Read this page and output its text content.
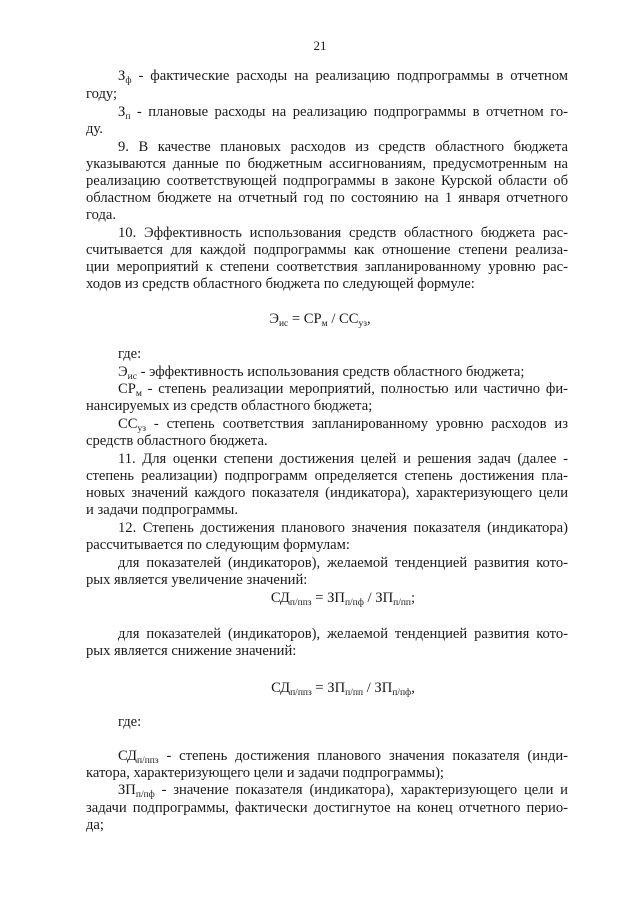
21
$З_ф$ - фактические расходы на реализацию подпрограммы в отчетном
году;
$З_п$ - плановые расходы на реализацию подпрограммы в отчетном го-
ду.
9. В качестве плановых расходов из средств областного бюджета
указываются данные по бюджетным ассигнованиям, предусмотренным на
реализацию соответствующей подпрограммы в законе Курской области об
областном бюджете на отчетный год по состоянию на 1 января отчетного
года.
10. Эффективность использования средств областного бюджета рас-
считывается для каждой подпрограммы как отношение степени реализа-
ции мероприятий к степени соответствия запланированному уровню рас-
ходов из средств областного бюджета по следующей формуле:
$Э_{ис} = СР_м / СС_{уз}$,
где:
$Э_{ис}$ - эффективность использования средств областного бюджета;
$СР_м$ - степень реализации мероприятий, полностью или частично фи-
нансируемых из средств областного бюджета;
$СС_{уз}$ - степень соответствия запланированному уровню расходов из
средств областного бюджета.
11. Для оценки степени достижения целей и решения задач (далее -
степень реализации) подпрограмм определяется степень достижения пла-
новых значений каждого показателя (индикатора), характеризующего цели
и задачи подпрограммы.
12. Степень достижения планового значения показателя (индикатора)
рассчитывается по следующим формулам:
для показателей (индикаторов), желаемой тенденцией развития кото-
рых является увеличение значений:
$СД_{п/ппз} = ЗП_{п/пф} / ЗП_{п/пп}$;
для показателей (индикаторов), желаемой тенденцией развития кото-
рых является снижение значений:
$СД_{п/ппз} = ЗП_{п/пп} / ЗП_{п/пф}$,
где:
$СД_{п/ппз}$ - степень достижения планового значения показателя (инди-
катора, характеризующего цели и задачи подпрограммы);
$ЗП_{п/пф}$ - значение показателя (индикатора), характеризующего цели и
задачи подпрограммы, фактически достигнутое на конец отчетного перио-
да;
